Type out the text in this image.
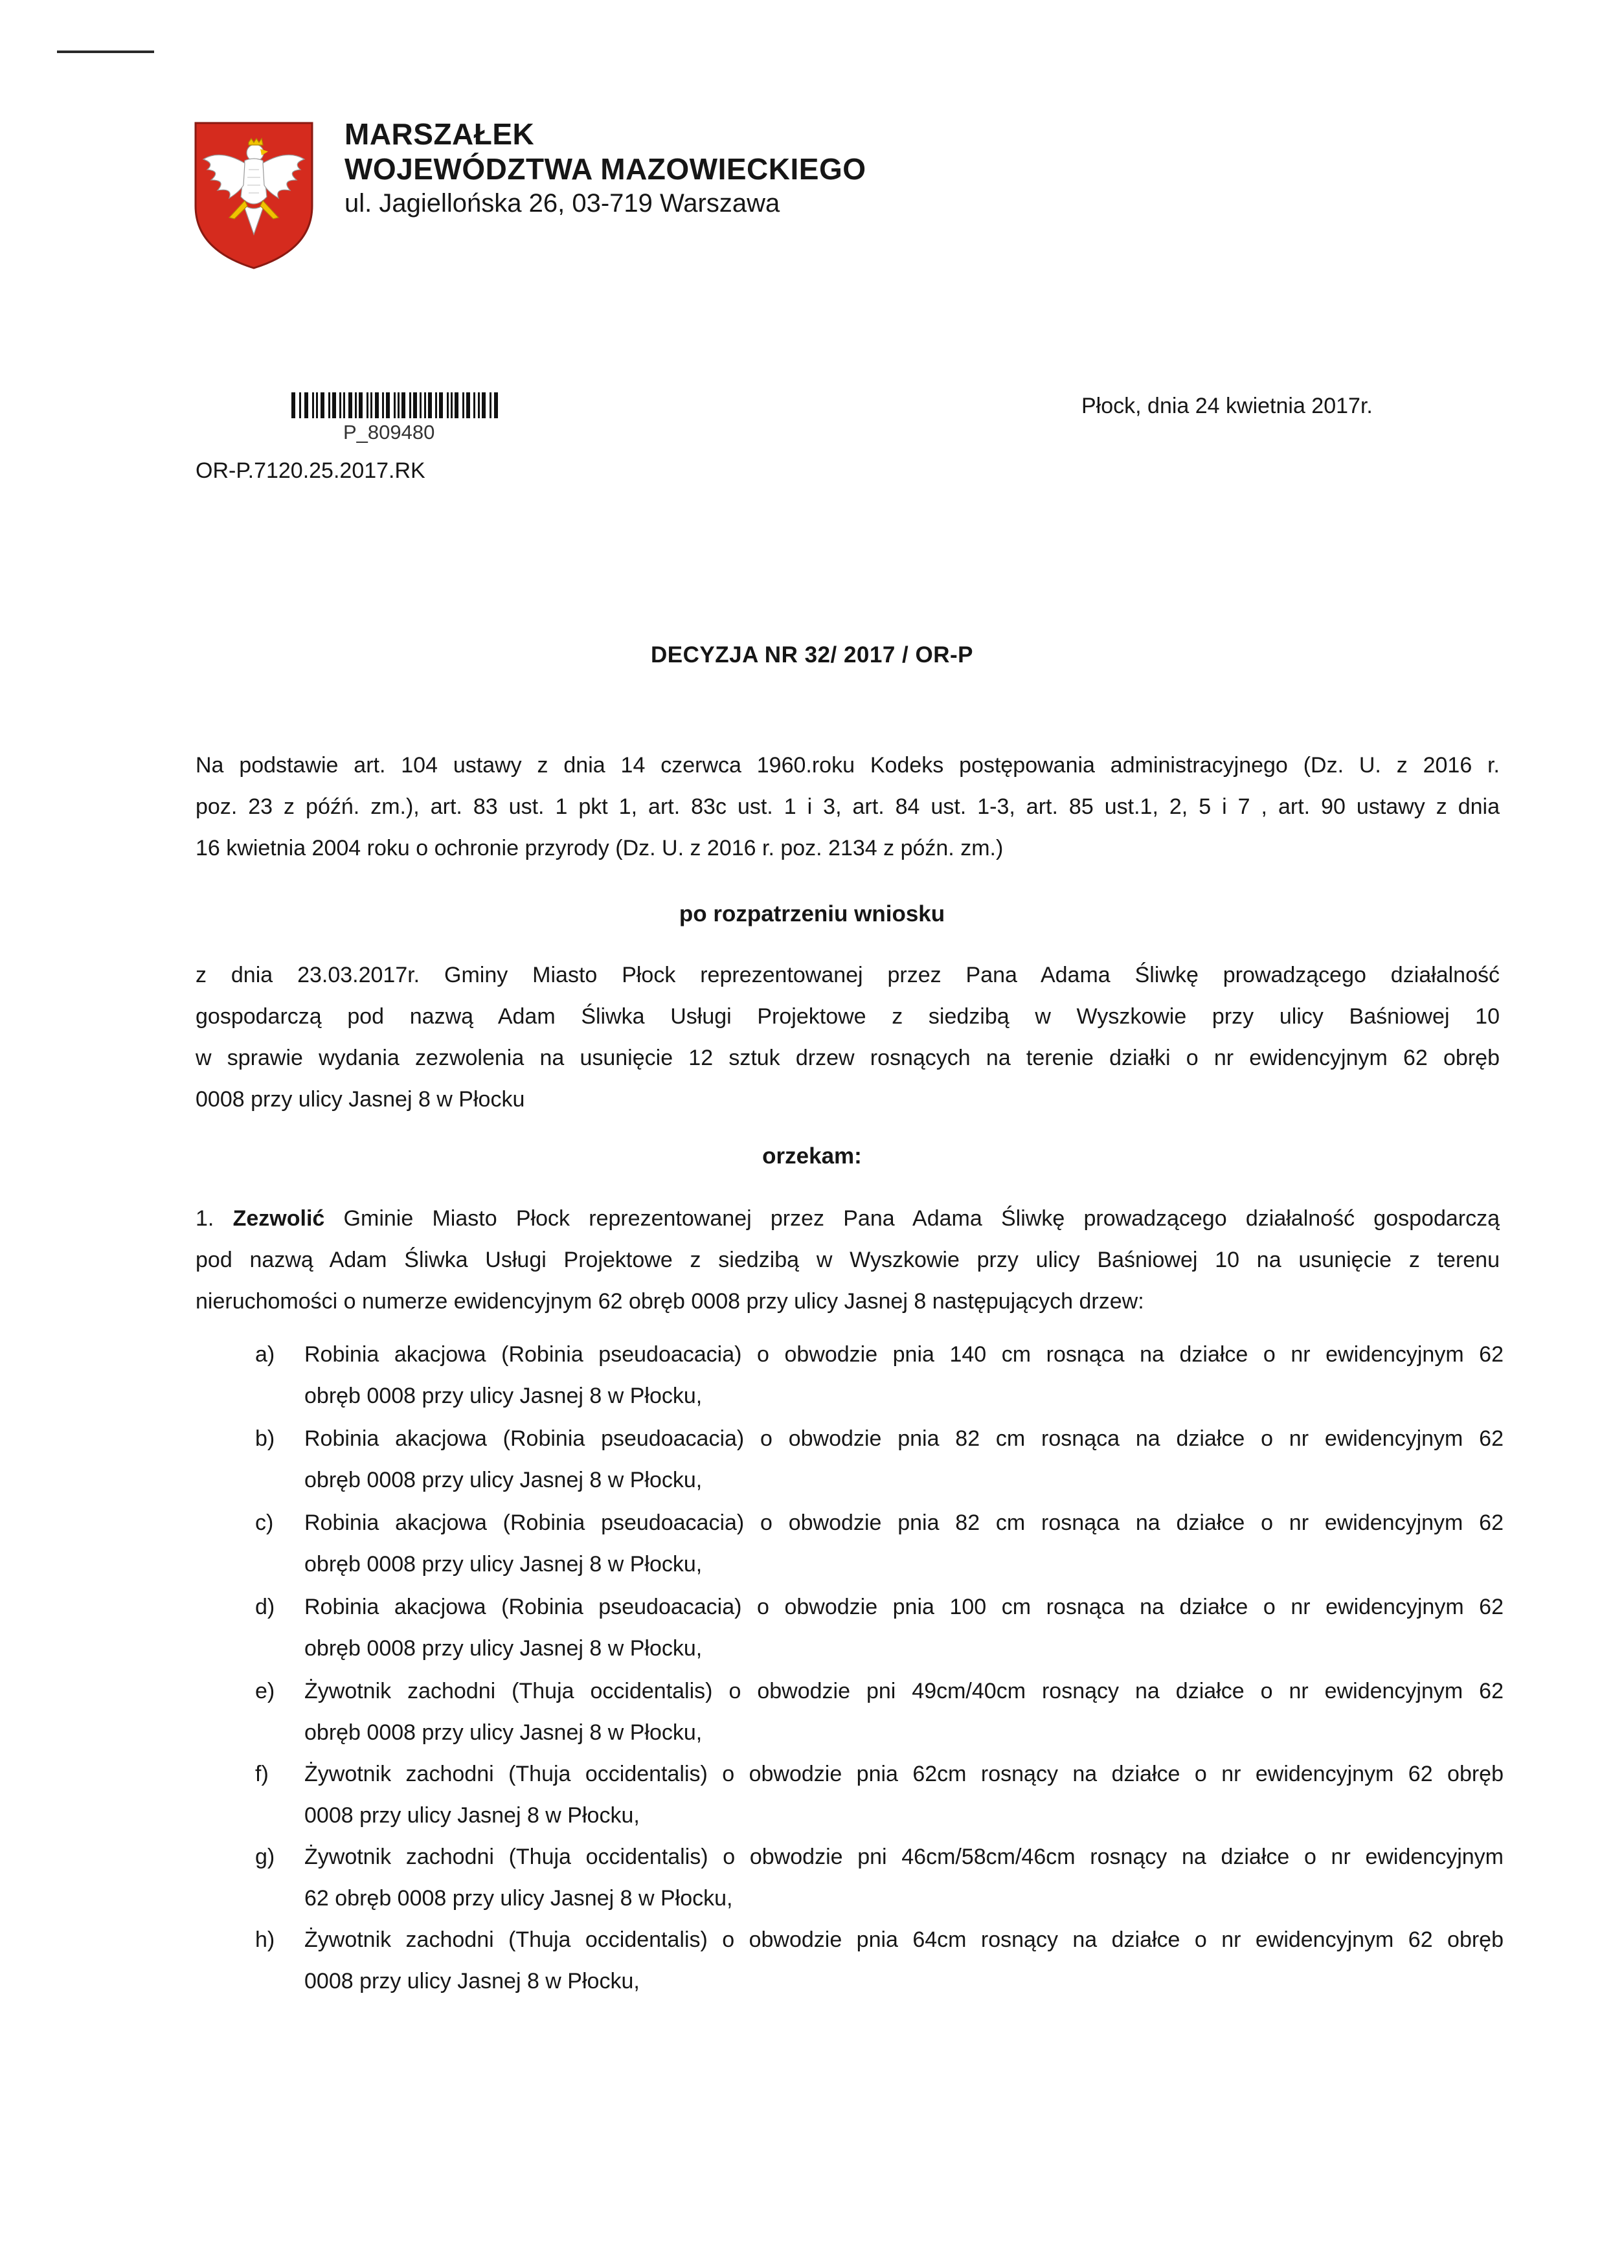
MARSZAŁEK
WOJEWÓDZTWA MAZOWIECKIEGO
ul. Jagiellońska 26, 03-719 Warszawa
P_809480
OR-P.7120.25.2017.RK
Płock, dnia 24 kwietnia 2017r.
DECYZJA NR 32/ 2017 / OR-P
Na podstawie art. 104 ustawy z dnia 14 czerwca 1960.roku Kodeks postępowania administracyjnego (Dz. U. z 2016 r.
poz. 23 z późń. zm.), art. 83 ust. 1 pkt 1, art. 83c ust. 1 i 3, art. 84 ust. 1-3, art. 85 ust.1, 2, 5 i 7 , art. 90 ustawy z dnia
16 kwietnia 2004 roku o ochronie przyrody (Dz. U. z 2016 r. poz. 2134 z późn. zm.)
po rozpatrzeniu wniosku
z dnia 23.03.2017r. Gminy Miasto Płock reprezentowanej przez Pana Adama Śliwkę prowadzącego działalność
gospodarczą pod nazwą Adam Śliwka Usługi Projektowe z siedzibą w Wyszkowie przy ulicy Baśniowej 10
w sprawie wydania zezwolenia na usunięcie 12 sztuk drzew rosnących na terenie działki o nr ewidencyjnym 62 obręb
0008 przy ulicy Jasnej 8 w Płocku
orzekam:
1. Zezwolić Gminie Miasto Płock reprezentowanej przez Pana Adama Śliwkę prowadzącego działalność gospodarczą
pod nazwą Adam Śliwka Usługi Projektowe z siedzibą w Wyszkowie przy ulicy Baśniowej 10 na usunięcie z terenu
nieruchomości o numerze ewidencyjnym 62 obręb 0008 przy ulicy Jasnej 8 następujących drzew:
a)	Robinia akacjowa (Robinia pseudoacacia) o obwodzie pnia 140 cm rosnąca na działce o nr ewidencyjnym 62
obręb 0008 przy ulicy Jasnej 8 w Płocku,
b)	Robinia akacjowa (Robinia pseudoacacia) o obwodzie pnia 82 cm rosnąca na działce o nr ewidencyjnym 62
obręb 0008 przy ulicy Jasnej 8 w Płocku,
c)	Robinia akacjowa (Robinia pseudoacacia) o obwodzie pnia 82 cm rosnąca na działce o nr ewidencyjnym 62
obręb 0008 przy ulicy Jasnej 8 w Płocku,
d)	Robinia akacjowa (Robinia pseudoacacia) o obwodzie pnia 100 cm rosnąca na działce o nr ewidencyjnym 62
obręb 0008 przy ulicy Jasnej 8 w Płocku,
e)	Żywotnik zachodni (Thuja occidentalis) o obwodzie pni 49cm/40cm rosnący na działce o nr ewidencyjnym 62
obręb 0008 przy ulicy Jasnej 8 w Płocku,
f)	Żywotnik zachodni (Thuja occidentalis) o obwodzie pnia 62cm rosnący na działce o nr ewidencyjnym 62 obręb
0008 przy ulicy Jasnej 8 w Płocku,
g)	Żywotnik zachodni (Thuja occidentalis) o obwodzie pni 46cm/58cm/46cm rosnący na działce o nr ewidencyjnym
62 obręb 0008 przy ulicy Jasnej 8 w Płocku,
h)	Żywotnik zachodni (Thuja occidentalis) o obwodzie pnia 64cm rosnący na działce o nr ewidencyjnym 62 obręb
0008 przy ulicy Jasnej 8 w Płocku,
